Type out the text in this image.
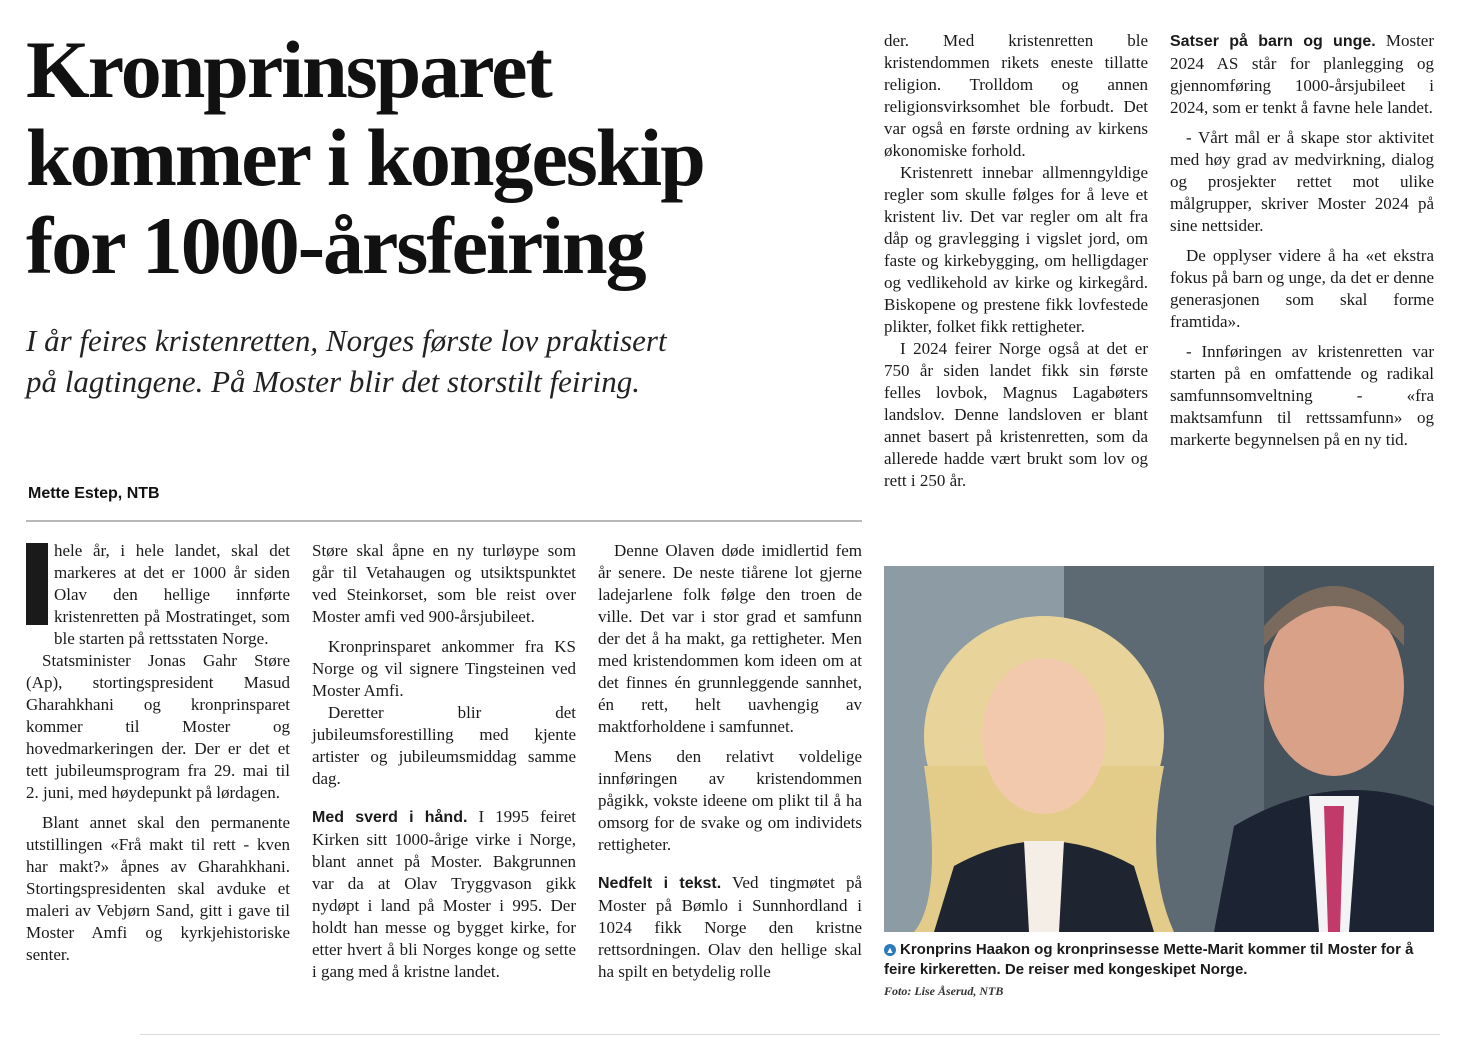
Kronprinsparet
kommer i kongeskip
for 1000-årsfeiring
I år feires kristenretten, Norges første lov praktisert
på lagtingene. På Moster blir det storstilt feiring.
Mette Estep, NTB

hele år, i hele landet, skal det markeres at det er 1000 år siden Olav den hellige innførte kristenretten på Mostratinget, som ble starten på rettsstaten Norge.

Statsminister Jonas Gahr Støre (Ap), stortingspresident Masud Gharahkhani og kronprinsparet kommer til Moster og hovedmarkeringen der. Der er det et tett jubileumsprogram fra 29. mai til 2. juni, med høydepunkt på lørdagen.

Blant annet skal den permanente utstillingen «Frå makt til rett - kven har makt?» åpnes av Gharahkhani. Stortingspresidenten skal avduke et maleri av Vebjørn Sand, gitt i gave til Moster Amfi og kyrkjehistoriske senter.

Støre skal åpne en ny turløype som går til Vetahaugen og utsiktspunktet ved Steinkorset, som ble reist over Moster amfi ved 900-årsjubileet.

Kronprinsparet ankommer fra KS Norge og vil signere Tingsteinen ved Moster Amfi.

Deretter blir det jubileumsforestilling med kjente artister og jubileumsmiddag samme dag.

Med sverd i hånd. I 1995 feiret Kirken sitt 1000-årige virke i Norge, blant annet på Moster. Bakgrunnen var da at Olav Tryggvason gikk nydøpt i land på Moster i 995. Der holdt han messe og bygget kirke, for etter hvert å bli Norges konge og sette i gang med å kristne landet.

Denne Olaven døde imidlertid fem år senere. De neste tiårene lot gjerne ladejarlene folk følge den troen de ville. Det var i stor grad et samfunn der det å ha makt, ga rettigheter. Men med kristendommen kom ideen om at det finnes én grunnleggende sannhet, én rett, helt uavhengig av maktforholdene i samfunnet.

Mens den relativt voldelige innføringen av kristendommen pågikk, vokste ideene om plikt til å ha omsorg for de svake og om individets rettigheter.

Nedfelt i tekst. Ved tingmøtet på Moster på Bømlo i Sunnhordland i 1024 fikk Norge den kristne rettsordningen. Olav den hellige skal ha spilt en betydelig rolle

der. Med kristenretten ble kristendommen rikets eneste tillatte religion. Trolldom og annen religionsvirksomhet ble forbudt. Det var også en første ordning av kirkens økonomiske forhold.

Kristenrett innebar allmenngyldige regler som skulle følges for å leve et kristent liv. Det var regler om alt fra dåp og gravlegging i vigslet jord, om faste og kirkebygging, om helligdager og vedlikehold av kirke og kirkegård. Biskopene og prestene fikk lovfestede plikter, folket fikk rettigheter.

I 2024 feirer Norge også at det er 750 år siden landet fikk sin første felles lovbok, Magnus Lagabøters landslov. Denne landsloven er blant annet basert på kristenretten, som da allerede hadde vært brukt som lov og rett i 250 år.

Satser på barn og unge. Moster 2024 AS står for planlegging og gjennomføring 1000-årsjubileet i 2024, som er tenkt å favne hele landet.

- Vårt mål er å skape stor aktivitet med høy grad av medvirkning, dialog og prosjekter rettet mot ulike målgrupper, skriver Moster 2024 på sine nettsider.

De opplyser videre å ha «et ekstra fokus på barn og unge, da det er denne generasjonen som skal forme framtida».

- Innføringen av kristenretten var starten på en omfattende og radikal samfunnsomveltning - «fra maktsamfunn til rettssamfunn» og markerte begynnelsen på en ny tid.

▲ Kronprins Haakon og kronprinsesse Mette-Marit kommer til Moster for å feire kirkeretten. De reiser med kongeskipet Norge.
Foto: Lise Åserud, NTB
